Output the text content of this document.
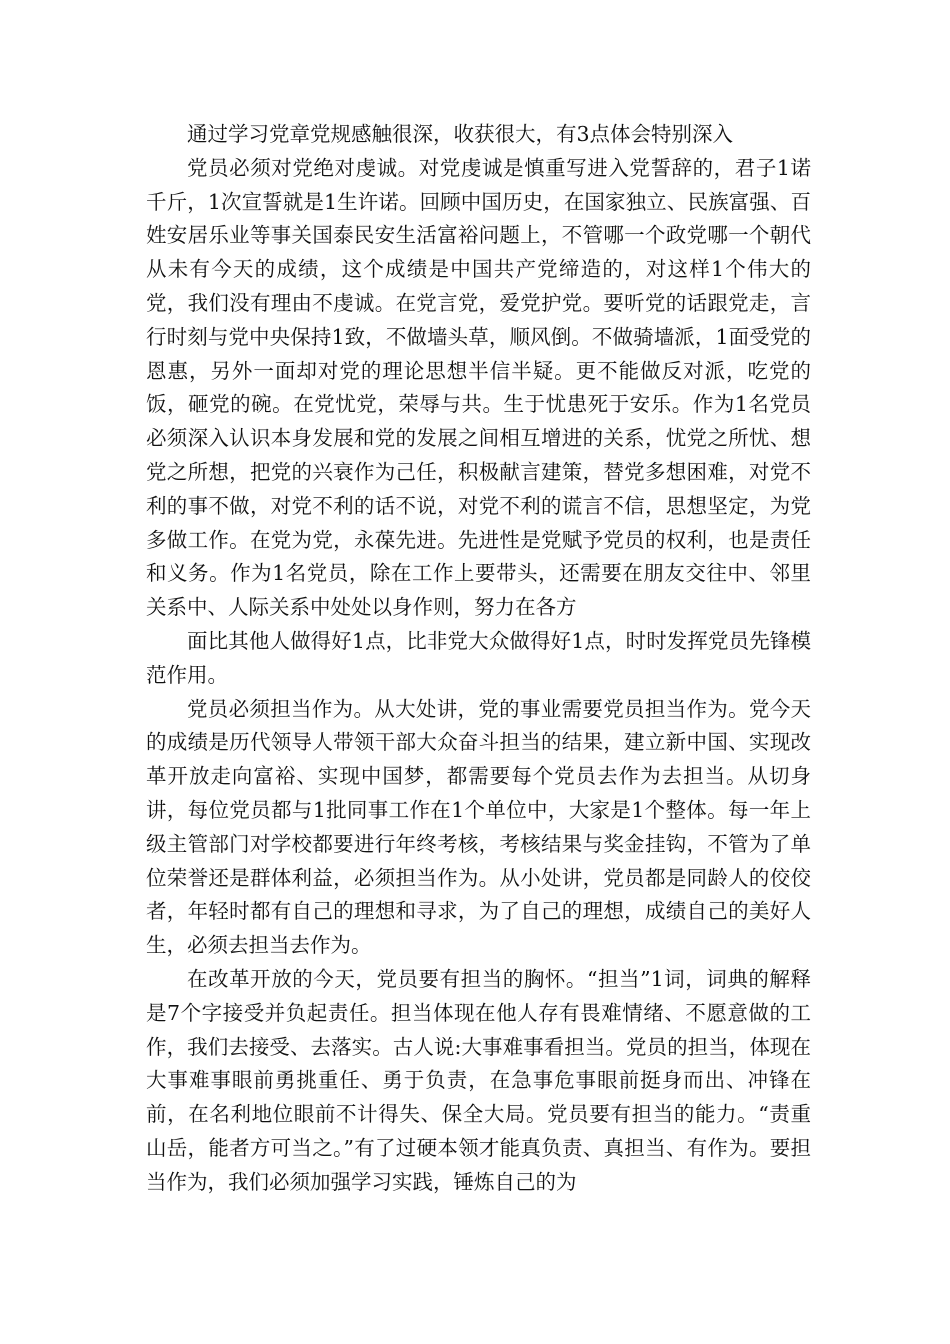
通过学习党章党规感触很深，收获很大，有3点体会特别深入

党员必须对党绝对虔诚。对党虔诚是慎重写进入党誓辞的，君子1诺千斤，1次宣誓就是1生许诺。回顾中国历史，在国家独立、民族富强、百姓安居乐业等事关国泰民安生活富裕问题上，不管哪一个政党哪一个朝代从未有今天的成绩，这个成绩是中国共产党缔造的，对这样1个伟大的党，我们没有理由不虔诚。在党言党，爱党护党。要听党的话跟党走，言行时刻与党中央保持1致，不做墙头草，顺风倒。不做骑墙派，1面受党的恩惠，另外一面却对党的理论思想半信半疑。更不能做反对派，吃党的饭，砸党的碗。在党忧党，荣辱与共。生于忧患死于安乐。作为1名党员必须深入认识本身发展和党的发展之间相互增进的关系，忧党之所忧、想党之所想，把党的兴衰作为己任，积极献言建策，替党多想困难，对党不利的事不做，对党不利的话不说，对党不利的谎言不信，思想坚定，为党多做工作。在党为党，永葆先进。先进性是党赋予党员的权利，也是责任和义务。作为1名党员，除在工作上要带头，还需要在朋友交往中、邻里关系中、人际关系中处处以身作则，努力在各方

面比其他人做得好1点，比非党大众做得好1点，时时发挥党员先锋模范作用。

党员必须担当作为。从大处讲，党的事业需要党员担当作为。党今天的成绩是历代领导人带领干部大众奋斗担当的结果，建立新中国、实现改革开放走向富裕、实现中国梦，都需要每个党员去作为去担当。从切身讲，每位党员都与1批同事工作在1个单位中，大家是1个整体。每一年上级主管部门对学校都要进行年终考核，考核结果与奖金挂钩，不管为了单位荣誉还是群体利益，必须担当作为。从小处讲，党员都是同龄人的佼佼者，年轻时都有自己的理想和寻求，为了自己的理想，成绩自己的美好人生，必须去担当去作为。

在改革开放的今天，党员要有担当的胸怀。“担当”1词，词典的解释是7个字接受并负起责任。担当体现在他人存有畏难情绪、不愿意做的工作，我们去接受、去落实。古人说:大事难事看担当。党员的担当，体现在大事难事眼前勇挑重任、勇于负责，在急事危事眼前挺身而出、冲锋在前，在名利地位眼前不计得失、保全大局。党员要有担当的能力。“责重山岳，能者方可当之。”有了过硬本领才能真负责、真担当、有作为。要担当作为，我们必须加强学习实践，锤炼自己的为
